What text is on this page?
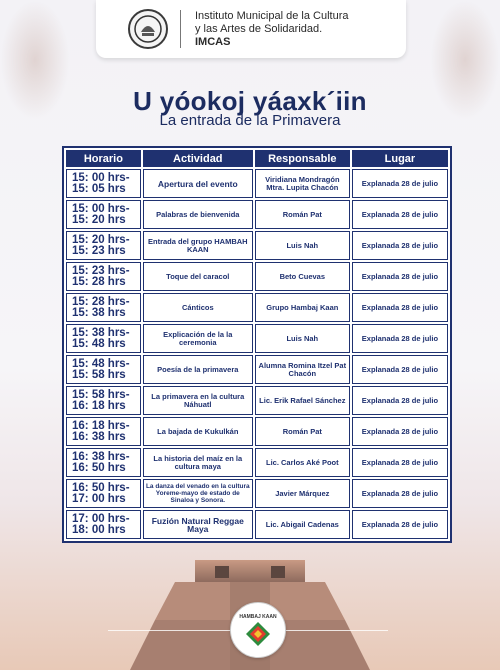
Instituto Municipal de la Cultura
y las Artes de Solidaridad.
IMCAS
U yóokoj yáaxk´iin
La entrada de la Primavera
Horario	Actividad	Responsable	Lugar

15: 00 hrs-
15: 05 hrs	Apertura del evento	Viridiana Mondragón Mtra. Lupita Chacón	Explanada 28 de julio

15: 00 hrs-
15: 20 hrs	Palabras de bienvenida	Román Pat	Explanada 28 de julio

15: 20 hrs-
15: 23 hrs	Entrada del grupo HAMBAH KAAN	Luis Nah	Explanada 28 de julio

15: 23 hrs-
15: 28 hrs	Toque del caracol	Beto Cuevas	Explanada 28 de julio

15: 28 hrs-
15: 38 hrs	Cánticos	Grupo Hambaj Kaan	Explanada 28 de julio

15: 38 hrs-
15: 48 hrs	Explicación de la la ceremonia	Luis Nah	Explanada 28 de julio

15: 48 hrs-
15: 58 hrs	Poesía de la primavera	Alumna Romina Itzel Pat Chacón	Explanada 28 de julio

15: 58 hrs-
16: 18 hrs	La primavera en la cultura Náhuatl	Lic. Erik Rafael Sánchez	Explanada 28 de julio

16: 18 hrs-
16: 38 hrs	La bajada de Kukulkán	Román Pat	Explanada 28 de julio

16: 38 hrs-
16: 50 hrs	La historia del maíz en la cultura maya	Lic. Carlos Aké Poot	Explanada 28 de julio

16: 50 hrs-
17: 00 hrs	La danza del venado en la cultura Yoreme-mayo de estado de Sinaloa y Sonora.	Javier Márquez	Explanada 28 de julio

17: 00 hrs-
18: 00 hrs	Fuzión Natural Reggae Maya	Lic. Abigail Cadenas	Explanada 28 de julio
HAMBAJ KAAN
